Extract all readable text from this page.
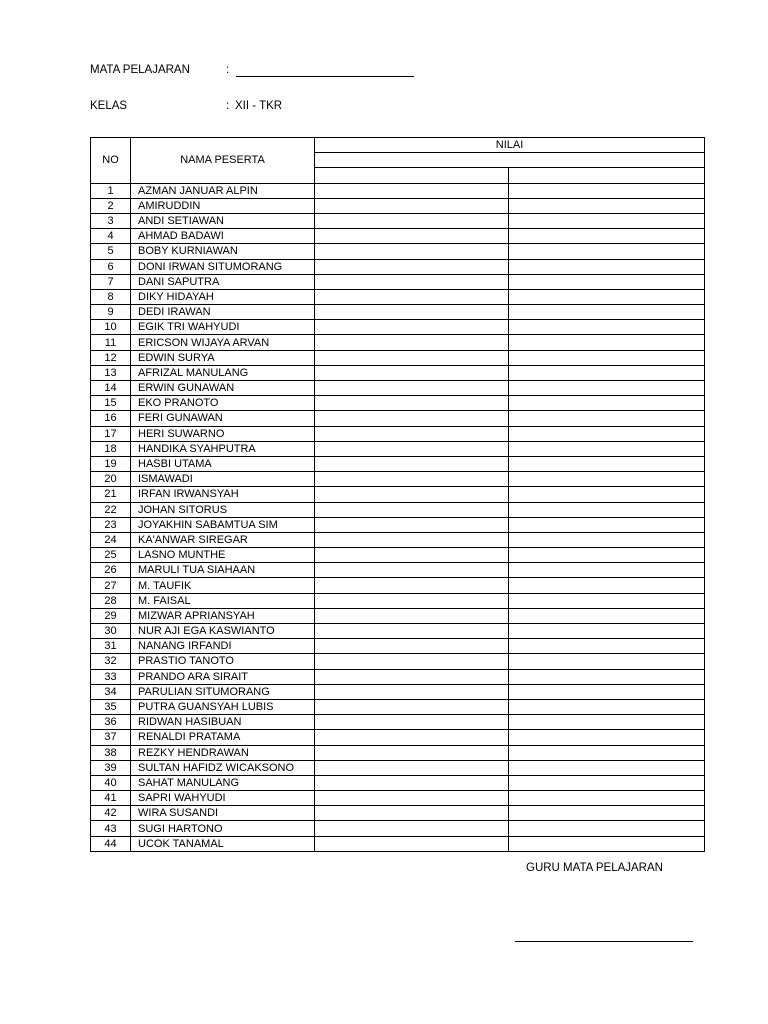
MATA PELAJARAN	:
KELAS	: XII - TKR
NO	NAMA PESERTA	NILAI	

1	AZMAN JANUAR ALPIN		
2	AMIRUDDIN		
3	ANDI SETIAWAN		
4	AHMAD BADAWI		
5	BOBY KURNIAWAN		
6	DONI IRWAN SITUMORANG		
7	DANI SAPUTRA		
8	DIKY HIDAYAH		
9	DEDI IRAWAN		
10	EGIK TRI WAHYUDI		
11	ERICSON WIJAYA ARVAN		
12	EDWIN SURYA		
13	AFRIZAL MANULANG		
14	ERWIN GUNAWAN		
15	EKO PRANOTO		
16	FERI GUNAWAN		
17	HERI SUWARNO		
18	HANDIKA SYAHPUTRA		
19	HASBI UTAMA		
20	ISMAWADI		
21	IRFAN IRWANSYAH		
22	JOHAN SITORUS		
23	JOYAKHIN SABAMTUA SIM		
24	KA'ANWAR SIREGAR		
25	LASNO MUNTHE		
26	MARULI TUA SIAHAAN		
27	M. TAUFIK		
28	M. FAISAL		
29	MIZWAR APRIANSYAH		
30	NUR AJI EGA KASWIANTO		
31	NANANG IRFANDI		
32	PRASTIO TANOTO		
33	PRANDO ARA SIRAIT		
34	PARULIAN SITUMORANG		
35	PUTRA GUANSYAH LUBIS		
36	RIDWAN HASIBUAN		
37	RENALDI PRATAMA		
38	REZKY HENDRAWAN		
39	SULTAN HAFIDZ WICAKSONO		
40	SAHAT MANULANG		
41	SAPRI WAHYUDI		
42	WIRA SUSANDI		
43	SUGI HARTONO		
44	UCOK TANAMAL		
GURU MATA PELAJARAN
